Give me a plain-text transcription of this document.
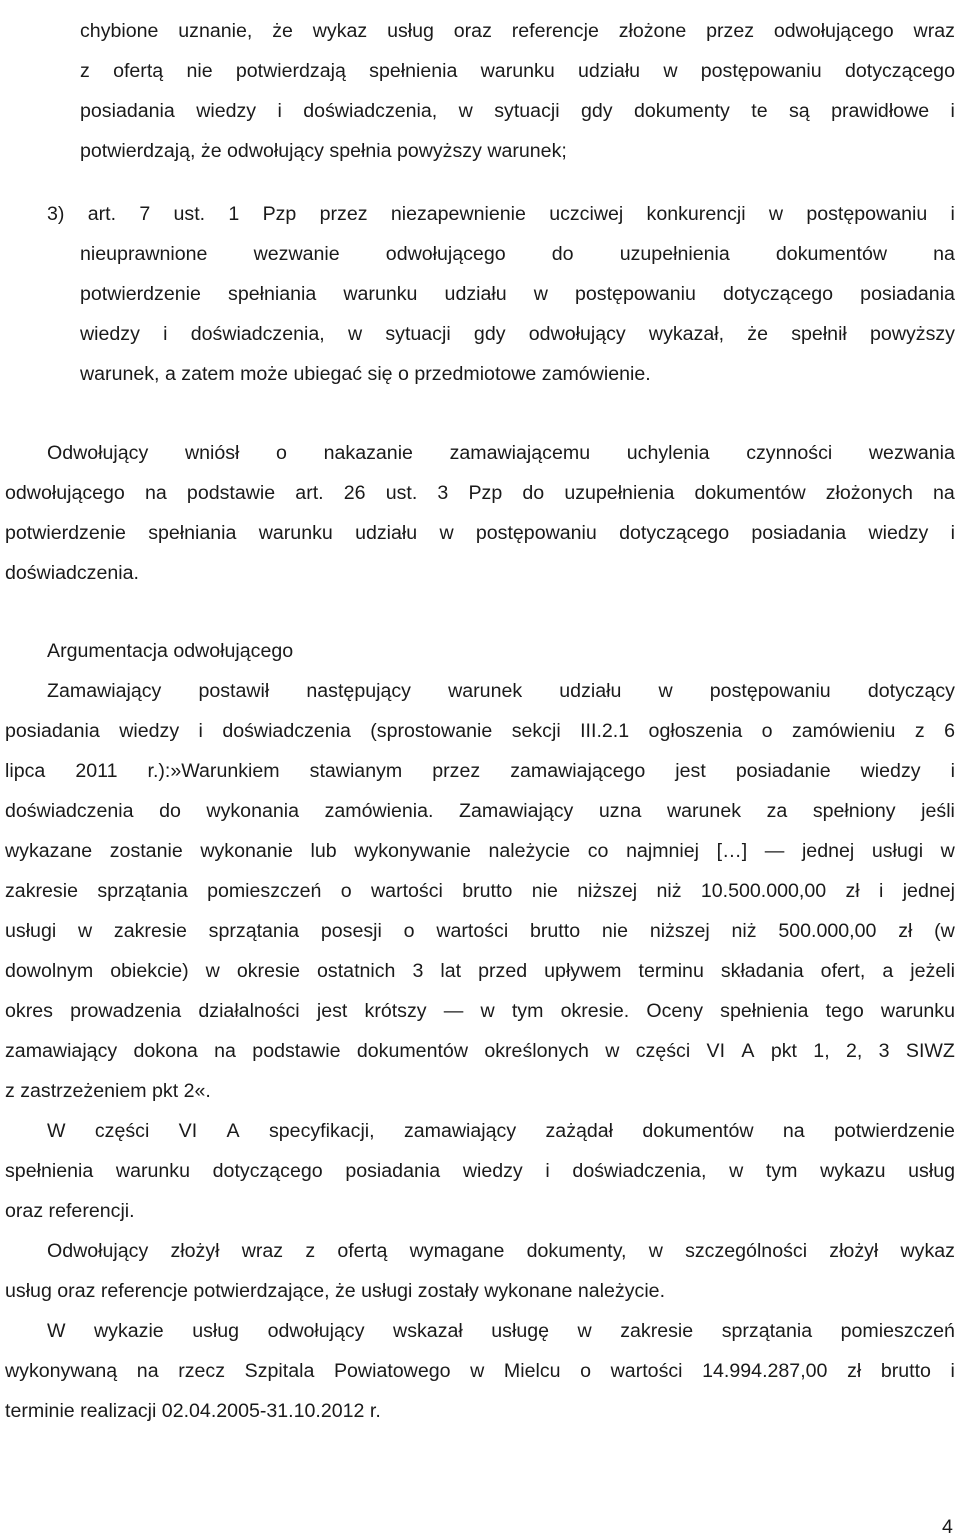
chybione uznanie, że wykaz usług oraz referencje złożone przez odwołującego wraz
z ofertą nie potwierdzają spełnienia warunku udziału w postępowaniu dotyczącego
posiadania wiedzy i doświadczenia, w sytuacji gdy dokumenty te są prawidłowe i
potwierdzają, że odwołujący spełnia powyższy warunek;
3) art. 7 ust. 1 Pzp przez niezapewnienie uczciwej konkurencji w postępowaniu i
nieuprawnione wezwanie odwołującego do uzupełnienia dokumentów na
potwierdzenie spełniania warunku udziału w postępowaniu dotyczącego posiadania
wiedzy i doświadczenia, w sytuacji gdy odwołujący wykazał, że spełnił powyższy
warunek, a zatem może ubiegać się o przedmiotowe zamówienie.
Odwołujący wniósł o nakazanie zamawiającemu uchylenia czynności wezwania
odwołującego na podstawie art. 26 ust. 3 Pzp do uzupełnienia dokumentów złożonych na
potwierdzenie spełniania warunku udziału w postępowaniu dotyczącego posiadania wiedzy i
doświadczenia.
Argumentacja odwołującego
Zamawiający postawił następujący warunek udziału w postępowaniu dotyczący
posiadania wiedzy i doświadczenia (sprostowanie sekcji III.2.1 ogłoszenia o zamówieniu z 6
lipca 2011 r.):»Warunkiem stawianym przez zamawiającego jest posiadanie wiedzy i
doświadczenia do wykonania zamówienia. Zamawiający uzna warunek za spełniony jeśli
wykazane zostanie wykonanie lub wykonywanie należycie co najmniej […] — jednej usługi w
zakresie sprzątania pomieszczeń o wartości brutto nie niższej niż 10.500.000,00 zł i jednej
usługi w zakresie sprzątania posesji o wartości brutto nie niższej niż 500.000,00 zł (w
dowolnym obiekcie) w okresie ostatnich 3 lat przed upływem terminu składania ofert, a jeżeli
okres prowadzenia działalności jest krótszy — w tym okresie. Oceny spełnienia tego warunku
zamawiający dokona na podstawie dokumentów określonych w części VI A pkt 1, 2, 3 SIWZ
z zastrzeżeniem pkt 2«.
W części VI A specyfikacji, zamawiający zażądał dokumentów na potwierdzenie
spełnienia warunku dotyczącego posiadania wiedzy i doświadczenia, w tym wykazu usług
oraz referencji.
Odwołujący złożył wraz z ofertą wymagane dokumenty, w szczególności złożył wykaz
usług oraz referencje potwierdzające, że usługi zostały wykonane należycie.
W wykazie usług odwołujący wskazał usługę w zakresie sprzątania pomieszczeń
wykonywaną na rzecz Szpitala Powiatowego w Mielcu o wartości 14.994.287,00 zł brutto i
terminie realizacji 02.04.2005-31.10.2012 r.
4
